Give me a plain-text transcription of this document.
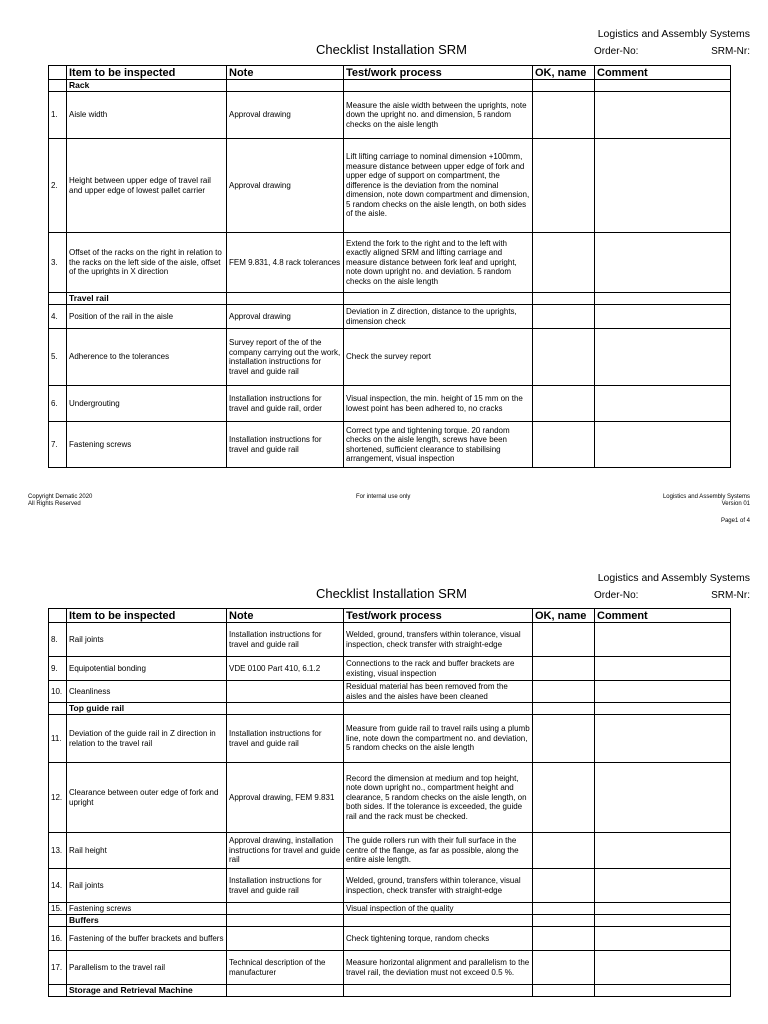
Logistics and Assembly Systems
Checklist Installation SRM	Order-No:	SRM-Nr:
	Item to be inspected	Note	Test/work process	OK, name	Comment
	Rack				
1.	Aisle width	Approval drawing	Measure the aisle width between the uprights, note down the upright no. and dimension, 5 random checks on the aisle length		
2.	Height between upper edge of travel rail and upper edge of lowest pallet carrier	Approval drawing	Lift lifting carriage to nominal dimension +100mm, measure distance between upper edge of fork and upper edge of support on compartment, the difference is the deviation from the nominal dimension, note down compartment and dimension, 5 random checks on the aisle length, on both sides of the aisle.		
3.	Offset of the racks on the right in relation to the racks on the left side of the aisle, offset of the uprights in X direction	FEM 9.831, 4.8 rack tolerances	Extend the fork to the right and to the left with exactly aligned SRM and lifting carriage and measure distance between fork leaf and upright, note down upright no. and deviation. 5 random checks on the aisle length		
	Travel rail				
4.	Position of the rail in the aisle	Approval drawing	Deviation in Z direction, distance to the uprights, dimension check		
5.	Adherence to the tolerances	Survey report of the of the company carrying out the work, installation instructions for travel and guide rail	Check the survey report		
6.	Undergrouting	Installation instructions for travel and guide rail, order	Visual inspection, the min. height of 15 mm on the lowest point has been adhered to, no cracks		
7.	Fastening screws	Installation instructions for travel and guide rail	Correct type and tightening torque. 20 random checks on the aisle length, screws have been shortened, sufficient clearance to stabilising arrangement, visual inspection		
Copyright Dematic 2020
All Rights Reserved
For internal use only	Logistics and Assembly Systems
Version 01
Page1 of 4
Logistics and Assembly Systems
Checklist Installation SRM	Order-No:	SRM-Nr:
	Item to be inspected	Note	Test/work process	OK, name	Comment
8.	Rail joints	Installation instructions for travel and guide rail	Welded, ground, transfers within tolerance, visual inspection, check transfer with straight-edge		
9.	Equipotential bonding	VDE 0100 Part 410, 6.1.2	Connections to the rack and buffer brackets are existing, visual inspection		
10.	Cleanliness		Residual material has been removed from the aisles and the aisles have been cleaned		
	Top guide rail				
11.	Deviation of the guide rail in Z direction in relation to the travel rail	Installation instructions for travel and guide rail	Measure from guide rail to travel rails using a plumb line, note down the compartment no. and deviation, 5 random checks on the aisle length		
12.	Clearance between outer edge of fork and upright	Approval drawing, FEM 9.831	Record the dimension at medium and top height, note down upright no., compartment height and clearance, 5 random checks on the aisle length, on both sides. If the tolerance is exceeded, the guide rail and the rack must be checked.		
13.	Rail height	Approval drawing, installation instructions for travel and guide rail	The guide rollers run with their full surface in the centre of the flange, as far as possible, along the entire aisle length.		
14.	Rail joints	Installation instructions for travel and guide rail	Welded, ground, transfers within tolerance, visual inspection, check transfer with straight-edge		
15.	Fastening screws		Visual inspection of the quality		
	Buffers				
16.	Fastening of the buffer brackets and buffers		Check tightening torque, random checks		
17.	Parallelism to the travel rail	Technical description of the manufacturer	Measure horizontal alignment and parallelism to the travel rail, the deviation must not exceed 0.5 %.		
	Storage and Retrieval Machine				
